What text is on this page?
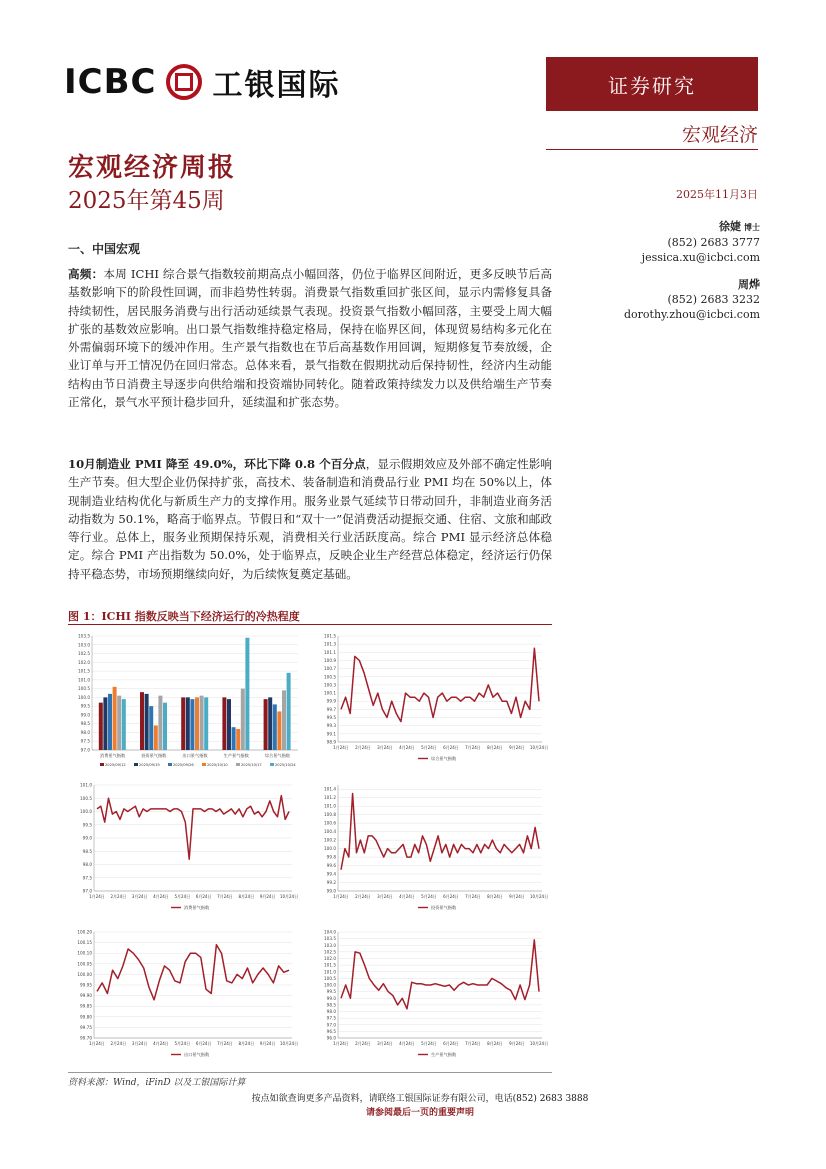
ICBC 工银国际	证券研究
宏观经济
宏观经济周报
2025年第45周	2025年11月3日
徐婕 博士
(852) 2683 3777
jessica.xu@icbci.com
周烨
(852) 2683 3232
dorothy.zhou@icbci.com
一、中国宏观
高频：本周 ICHI 综合景气指数较前期高点小幅回落，仍位于临界区间附近，更多反映节后高基数影响下的阶段性回调，而非趋势性转弱。消费景气指数重回扩张区间，显示内需修复具备持续韧性，居民服务消费与出行活动延续景气表现。投资景气指数小幅回落，主要受上周大幅扩张的基数效应影响。出口景气指数维持稳定格局，保持在临界区间，体现贸易结构多元化在外需偏弱环境下的缓冲作用。生产景气指数也在节后高基数作用回调，短期修复节奏放缓，企业订单与开工情况仍在回归常态。总体来看，景气指数在假期扰动后保持韧性，经济内生动能结构由节日消费主导逐步向供给端和投资端协同转化。随着政策持续发力以及供给端生产节奏正常化，景气水平预计稳步回升，延续温和扩张态势。
10月制造业 PMI 降至 49.0%，环比下降 0.8 个百分点，显示假期效应及外部不确定性影响生产节奏。但大型企业仍保持扩张，高技术、装备制造和消费品行业 PMI 均在 50%以上，体现制造业结构优化与新质生产力的支撑作用。服务业景气延续节日带动回升，非制造业商务活动指数为 50.1%，略高于临界点。节假日和“双十一”促消费活动提振交通、住宿、文旅和邮政等行业。总体上，服务业预期保持乐观，消费相关行业活跃度高。综合 PMI 显示经济总体稳定。综合 PMI 产出指数为 50.0%，处于临界点，反映企业生产经营总体稳定，经济运行仍保持平稳态势，市场预期继续向好，为后续恢复奠定基础。
图 1：ICHI 指数反映当下经济运行的冷热程度
97.0
97.5
98.0
98.5
99.0
99.5
100.0
100.5
101.0
101.5
102.0
102.5
103.0
103.5
消费景气指数	投资景气指数	出口景气指数	生产景气指数	综合景气指数
2025/09/12	2025/09/19	2025/09/26	2025/10/10	2025/10/17	2025/10/24
98.9
99.1
99.3
99.5
99.7
99.9
100.1
100.3
100.5
100.7
100.9
101.1
101.3
101.5
1月24日 2月24日 3月24日 4月24日 5月24日 6月24日 7月24日 8月24日 9月24日 10月24日
综合景气指数
97.0
97.5
98.0
98.5
99.0
99.5
100.0
100.5
101.0
1月24日 2月24日 3月24日 4月24日 5月24日 6月24日 7月24日 8月24日 9月24日 10月24日
消费景气指数
99.0
99.2
99.4
99.6
99.8
100.0
100.2
100.4
100.6
100.8
101.0
101.2
101.4
1月24日 2月24日 3月24日 4月24日 5月24日 6月24日 7月24日 8月24日 9月24日 10月24日
投资景气指数
99.70
99.75
99.80
99.85
99.90
99.95
100.00
100.05
100.10
100.15
100.20
1月24日 2月24日 3月24日 4月24日 5月24日 6月24日 7月24日 8月24日 9月24日 10月24日
出口景气指数
96.0
96.5
97.0
97.5
98.0
98.5
99.0
99.5
100.0
100.5
101.0
101.5
102.0
102.5
103.0
103.5
104.0
1月24日 2月24日 3月24日 4月24日 5月24日 6月24日 7月24日 8月24日 9月24日 10月24日
生产景气指数
资料来源：Wind，iFinD 以及工银国际计算
按点如欲查询更多产品资料，请联络工银国际证券有限公司，电话(852) 2683 3888
请参阅最后一页的重要声明
